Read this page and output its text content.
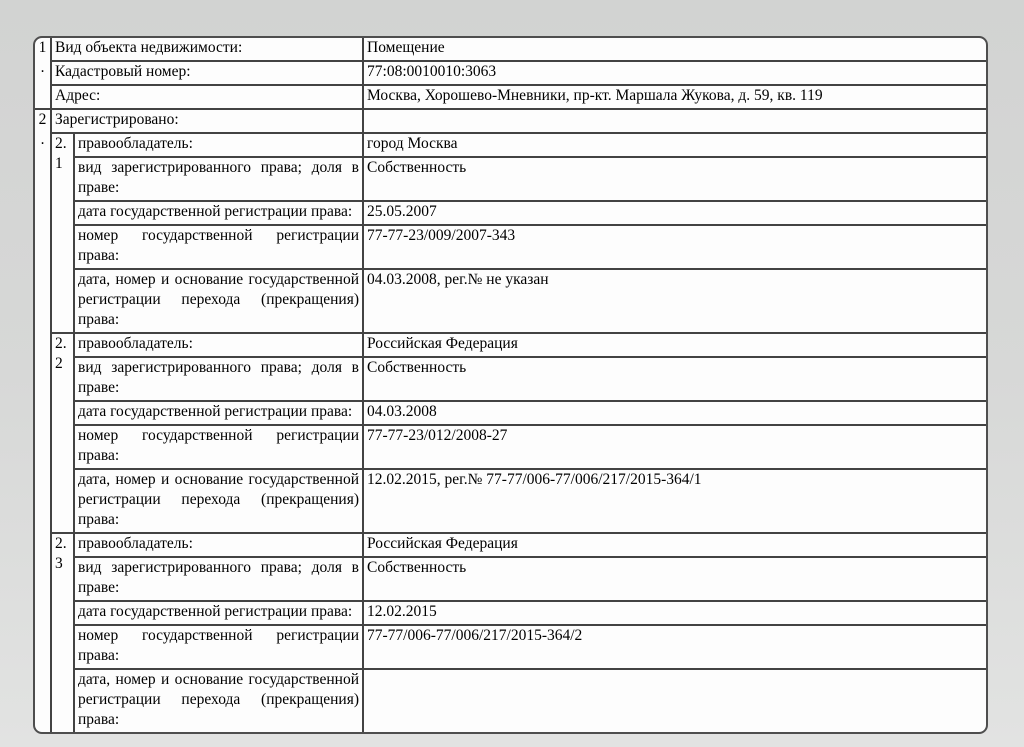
1.	Вид объекта недвижимости:		Помещение
	Кадастровый номер:		77:08:0010010:3063
	Адрес:		Москва, Хорошево-Мневники, пр-кт. Маршала Жукова, д. 59, кв. 119
2.	Зарегистрировано:		
	2.1	правообладатель:	город Москва
		вид зарегистрированного права; доля в праве:	Собственность
		дата государственной регистрации права:	25.05.2007
		номер государственной регистрации права:	77-77-23/009/2007-343
		дата, номер и основание государственной регистрации перехода (прекращения) права:	04.03.2008, рег.№ не указан
	2.2	правообладатель:	Российская Федерация
		вид зарегистрированного права; доля в праве:	Собственность
		дата государственной регистрации права:	04.03.2008
		номер государственной регистрации права:	77-77-23/012/2008-27
		дата, номер и основание государственной регистрации перехода (прекращения) права:	12.02.2015, рег.№ 77-77/006-77/006/217/2015-364/1
	2.3	правообладатель:	Российская Федерация
		вид зарегистрированного права; доля в праве:	Собственность
		дата государственной регистрации права:	12.02.2015
		номер государственной регистрации права:	77-77/006-77/006/217/2015-364/2
		дата, номер и основание государственной регистрации перехода (прекращения) права:	
